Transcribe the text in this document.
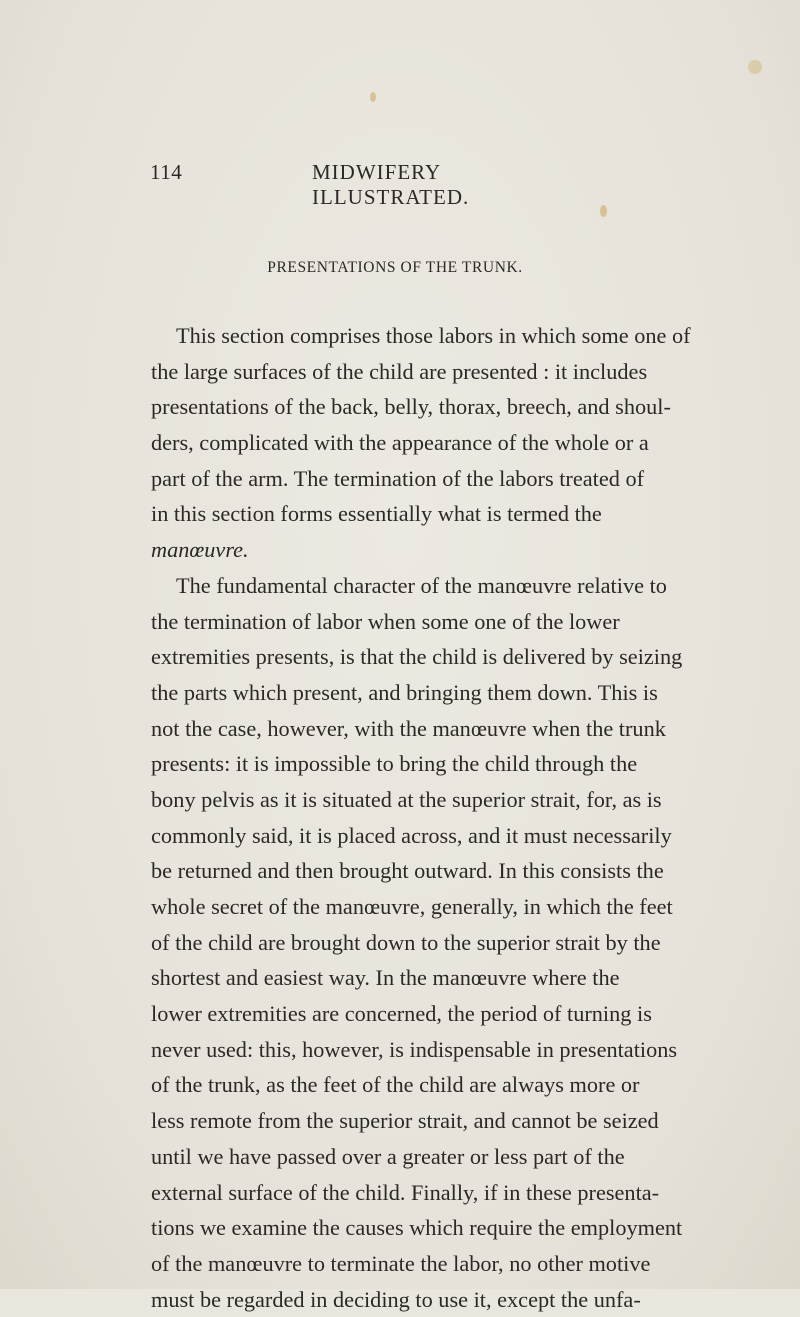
114	MIDWIFERY ILLUSTRATED.
PRESENTATIONS OF THE TRUNK.
This section comprises those labors in which some one of
the large surfaces of the child are presented : it includes
presentations of the back, belly, thorax, breech, and shoul-
ders, complicated with the appearance of the whole or a
part of the arm. The termination of the labors treated of
in this section forms essentially what is termed the
manœuvre.
The fundamental character of the manœuvre relative to
the termination of labor when some one of the lower
extremities presents, is that the child is delivered by seizing
the parts which present, and bringing them down. This is
not the case, however, with the manœuvre when the trunk
presents: it is impossible to bring the child through the
bony pelvis as it is situated at the superior strait, for, as is
commonly said, it is placed across, and it must necessarily
be returned and then brought outward. In this consists the
whole secret of the manœuvre, generally, in which the feet
of the child are brought down to the superior strait by the
shortest and easiest way. In the manœuvre where the
lower extremities are concerned, the period of turning is
never used: this, however, is indispensable in presentations
of the trunk, as the feet of the child are always more or
less remote from the superior strait, and cannot be seized
until we have passed over a greater or less part of the
external surface of the child. Finally, if in these presenta-
tions we examine the causes which require the employment
of the manœuvre to terminate the labor, no other motive
must be regarded in deciding to use it, except the unfa-
